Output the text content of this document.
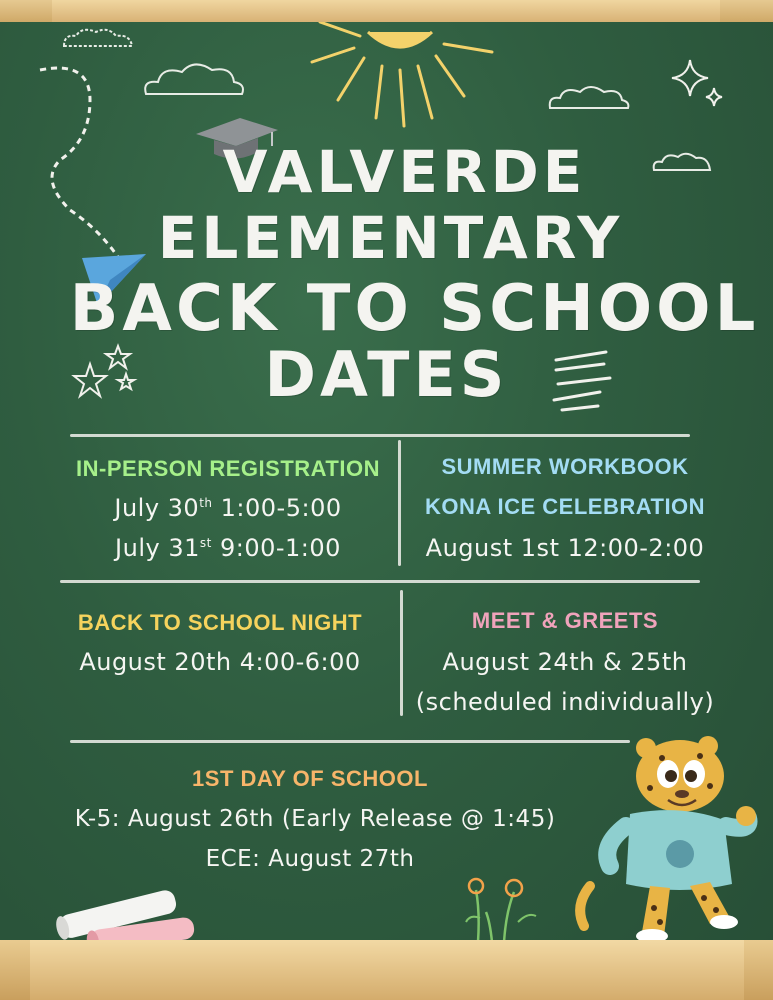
VALVERDE
ELEMENTARY
BACK TO SCHOOL
DATES
IN-PERSON REGISTRATION
July 30th 1:00-5:00
July 31st 9:00-1:00
SUMMER WORKBOOK
KONA ICE CELEBRATION
August 1st 12:00-2:00
BACK TO SCHOOL NIGHT
August 20th 4:00-6:00
MEET & GREETS
August 24th & 25th
(scheduled individually)
1ST DAY OF SCHOOL
K-5: August 26th (Early Release @ 1:45)
ECE: August 27th
